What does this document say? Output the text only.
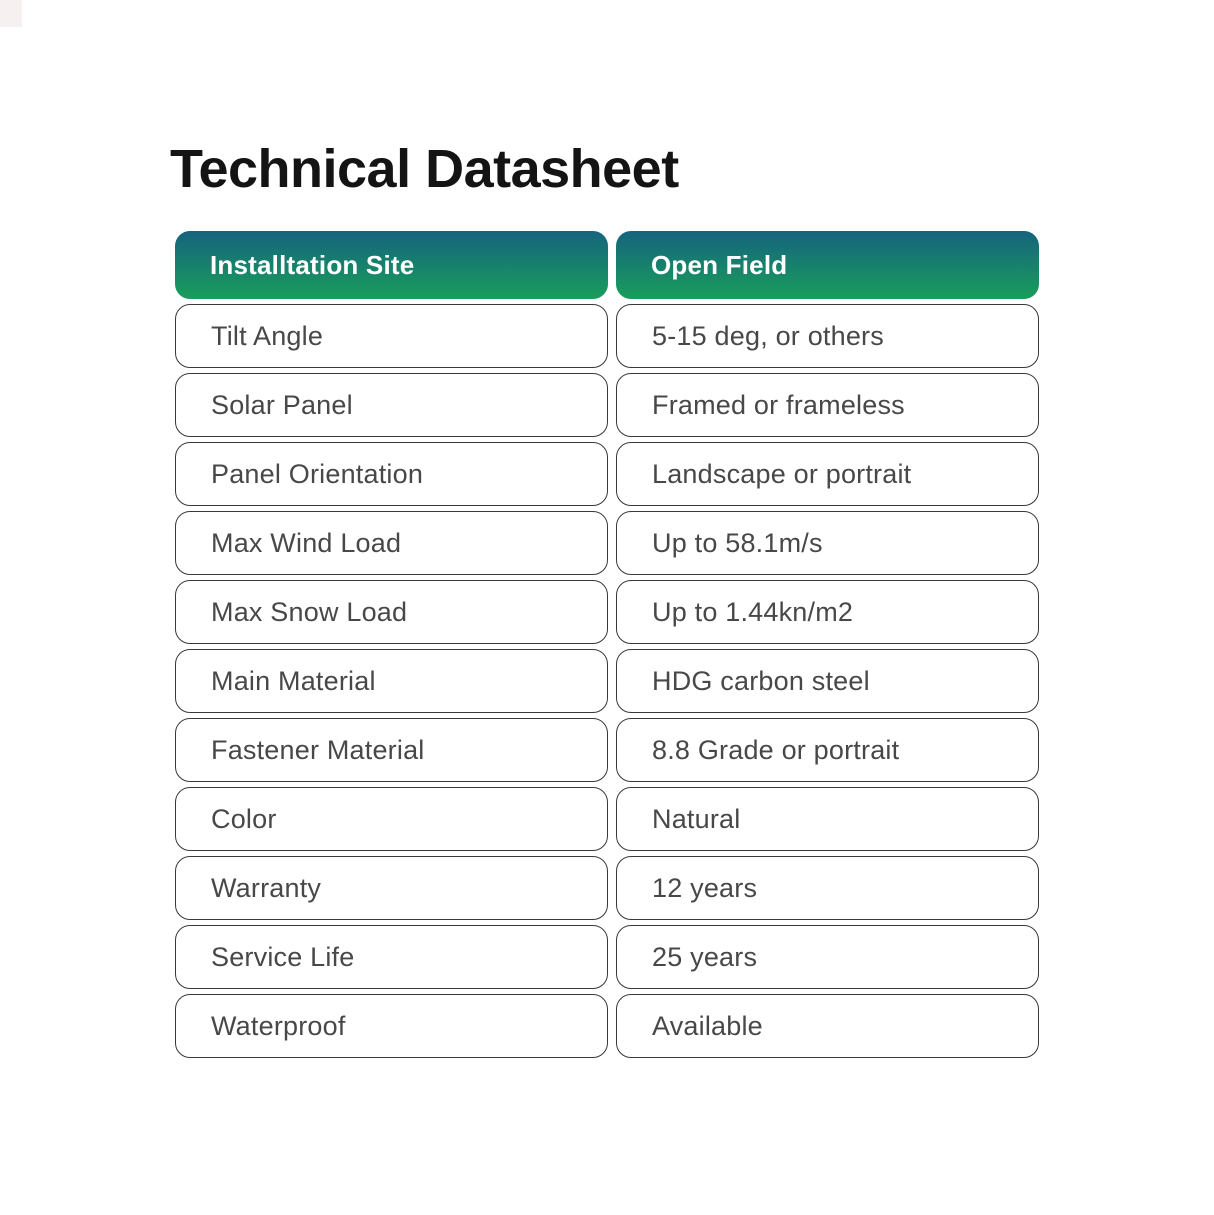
Technical Datasheet
Installtation Site	Open Field
Tilt Angle	5-15 deg, or others
Solar Panel	Framed or frameless
Panel Orientation	Landscape or portrait
Max Wind Load	Up to 58.1m/s
Max Snow Load	Up to 1.44kn/m2
Main Material	HDG carbon steel
Fastener Material	8.8 Grade or portrait
Color	Natural
Warranty	12 years
Service Life	25 years
Waterproof	Available
